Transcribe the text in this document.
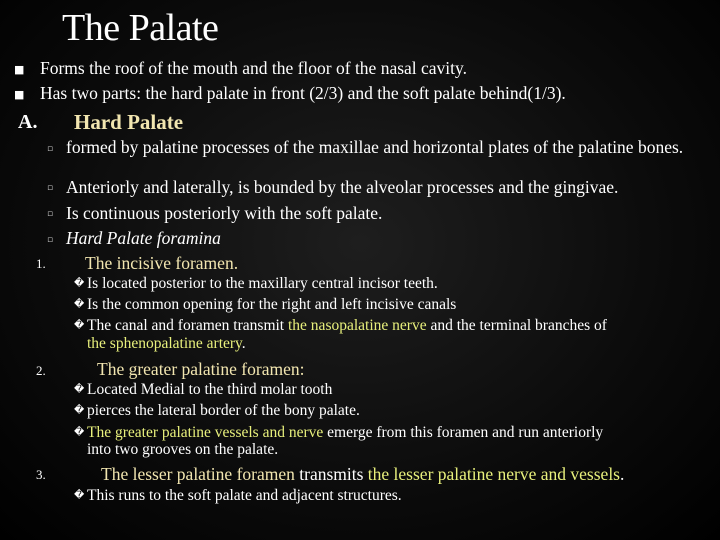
The Palate
■ Forms the roof of the mouth and the floor of the nasal cavity.
■ Has two parts: the hard palate in front (2/3) and the soft palate behind(1/3).
A. Hard Palate
▫ formed by palatine processes of the maxillae and horizontal plates of the palatine bones.
▫ Anteriorly and laterally, is bounded by the alveolar processes and the gingivae.
▫ Is continuous posteriorly with the soft palate.
▫ Hard Palate foramina
1. The incisive foramen.
� Is located posterior to the maxillary central incisor teeth.
� Is the common opening for the right and left incisive canals
� The canal and foramen transmit the nasopalatine nerve and the terminal branches of
the sphenopalatine artery.
2.	The greater palatine foramen:
� Located Medial to the third molar tooth
� pierces the lateral border of the bony palate.
� The greater palatine vessels and nerve emerge from this foramen and run anteriorly
into two grooves on the palate.
3.	The lesser palatine foramen transmits the lesser palatine nerve and vessels.
� This runs to the soft palate and adjacent structures.
